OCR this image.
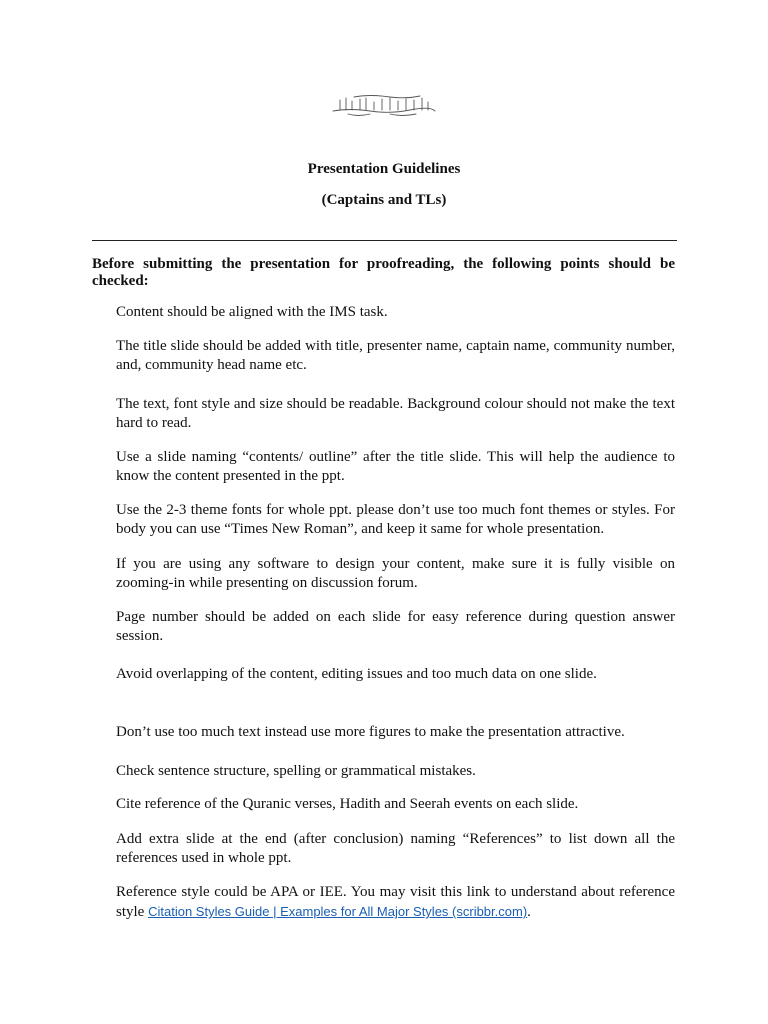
Presentation Guidelines
(Captains and TLs)
Before submitting the presentation for proofreading, the following points should be checked:

Content should be aligned with the IMS task.

The title slide should be added with title, presenter name, captain name, community number, and, community head name etc.

The text, font style and size should be readable. Background colour should not make the text hard to read.

Use a slide naming “contents/ outline” after the title slide. This will help the audience to know the content presented in the ppt.

Use the 2-3 theme fonts for whole ppt. please don’t use too much font themes or styles. For body you can use “Times New Roman”, and keep it same for whole presentation.

If you are using any software to design your content, make sure it is fully visible on zooming-in while presenting on discussion forum.

Page number should be added on each slide for easy reference during question answer session.

Avoid overlapping of the content, editing issues and too much data on one slide.

Don’t use too much text instead use more figures to make the presentation attractive.

Check sentence structure, spelling or grammatical mistakes.

Cite reference of the Quranic verses, Hadith and Seerah events on each slide.

Add extra slide at the end (after conclusion) naming “References” to list down all the references used in whole ppt.

Reference style could be APA or IEE. You may visit this link to understand about reference style Citation Styles Guide | Examples for All Major Styles (scribbr.com).
